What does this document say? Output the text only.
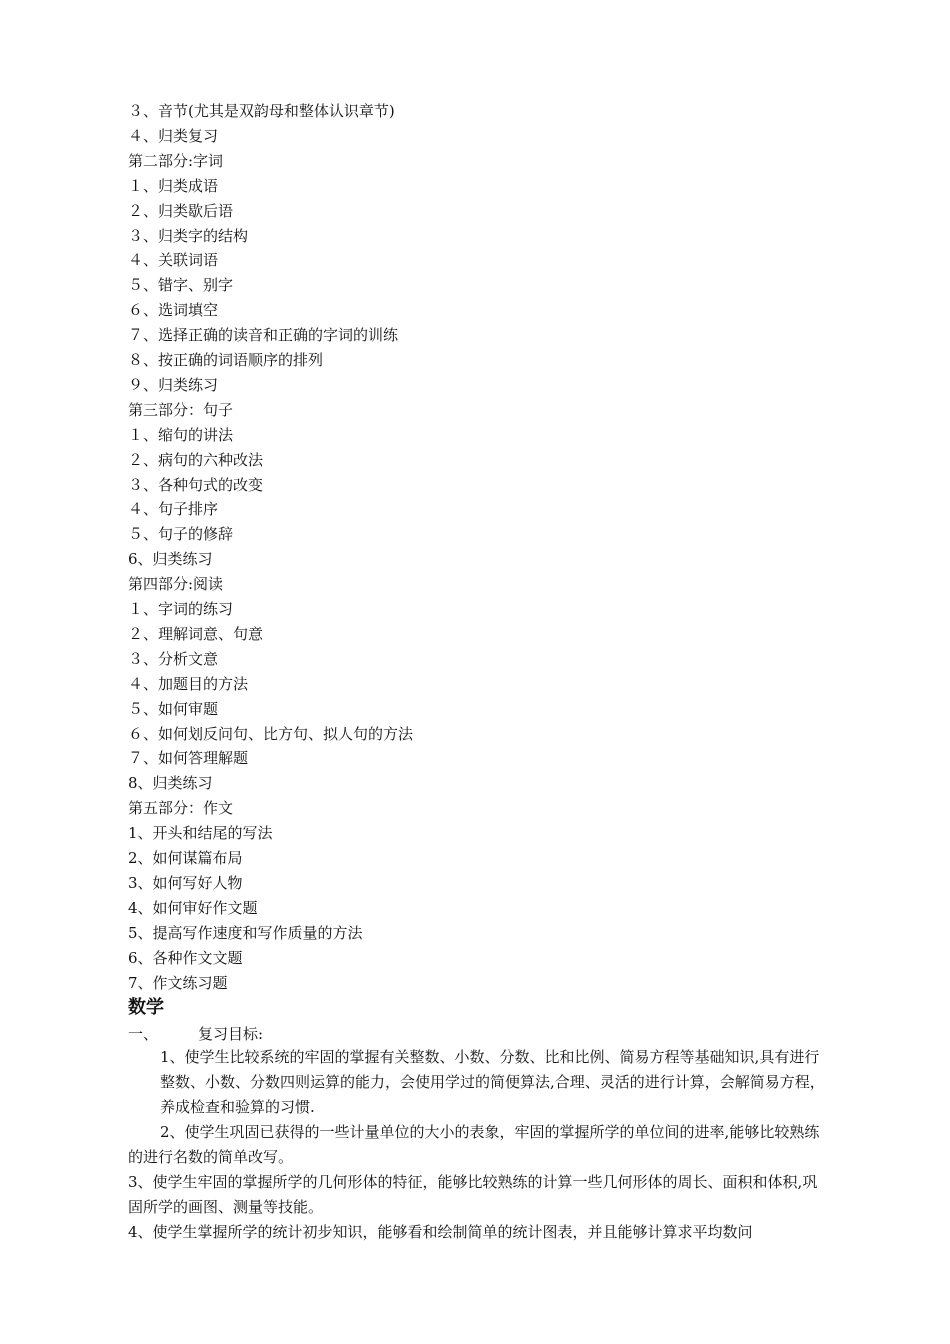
３、音节(尤其是双韵母和整体认识章节)
４、归类复习
第二部分:字词
１、归类成语
２、归类歇后语
３、归类字的结构
４、关联词语
５、错字、别字
６、选词填空
７、选择正确的读音和正确的字词的训练
８、按正确的词语顺序的排列
９、归类练习
第三部分：句子
１、缩句的讲法
２、病句的六种改法
３、各种句式的改变
４、句子排序
５、句子的修辞
6、归类练习
第四部分:阅读
１、字词的练习
２、理解词意、句意
３、分析文意
４、加题目的方法
５、如何审题
６、如何划反问句、比方句、拟人句的方法
７、如何答理解题
8、归类练习
第五部分：作文
1、开头和结尾的写法
2、如何谋篇布局
3、如何写好人物
4、如何审好作文题
5、提高写作速度和写作质量的方法
6、各种作文文题
7、作文练习题
数学
一、	复习目标:
1、使学生比较系统的牢固的掌握有关整数、小数、分数、比和比例、简易方程等基础知识,具有进行整数、小数、分数四则运算的能力，会使用学过的简便算法,合理、灵活的进行计算，会解简易方程，养成检查和验算的习惯.
2、使学生巩固已获得的一些计量单位的大小的表象，牢固的掌握所学的单位间的进率,能够比较熟练的进行名数的简单改写。
3、使学生牢固的掌握所学的几何形体的特征，能够比较熟练的计算一些几何形体的周长、面积和体积,巩固所学的画图、测量等技能。
4、使学生掌握所学的统计初步知识，能够看和绘制简单的统计图表，并且能够计算求平均数问
